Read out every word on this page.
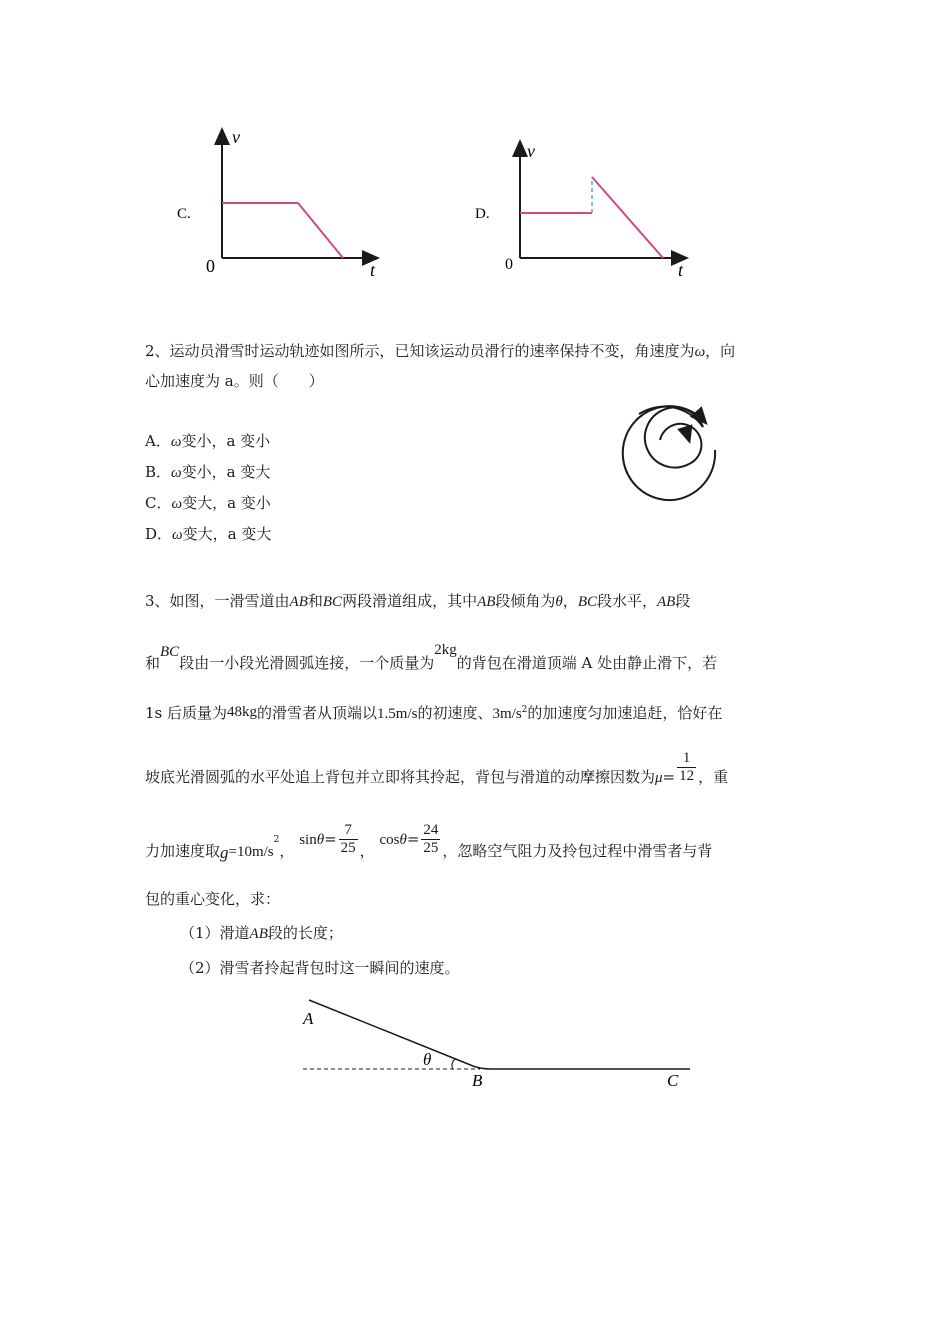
C.
v
t
0
D.
v
t
0
2、运动员滑雪时运动轨迹如图所示，已知该运动员滑行的速率保持不变，角速度为ω，向
心加速度为 a。则（　　）
A．ω变小，a 变小
B．ω变小，a 变大
C．ω变大，a 变小
D．ω变大，a 变大
3、如图，一滑雪道由AB和BC两段滑道组成，其中AB段倾角为θ，BC段水平，AB段
和BC段由一小段光滑圆弧连接，一个质量为2kg的背包在滑道顶端 A 处由静止滑下，若
1s 后质量为48kg的滑雪者从顶端以1.5m/s的初速度、$3m/s^2$的加速度匀加速追赶，恰好在
坡底光滑圆弧的水平处追上背包并立即将其拎起，背包与滑道的动摩擦因数为$\mu= \frac{1}{12}$ ，重
力加速度取$g=10m/s^2$， $\sin\theta= \frac{7}{25}$ ， $\cos\theta= \frac{24}{25}$ ，忽略空气阻力及拎包过程中滑雪者与背
包的重心变化，求：
（1）滑道AB段的长度；
（2）滑雪者拎起背包时这一瞬间的速度。
A
θ
B	C
